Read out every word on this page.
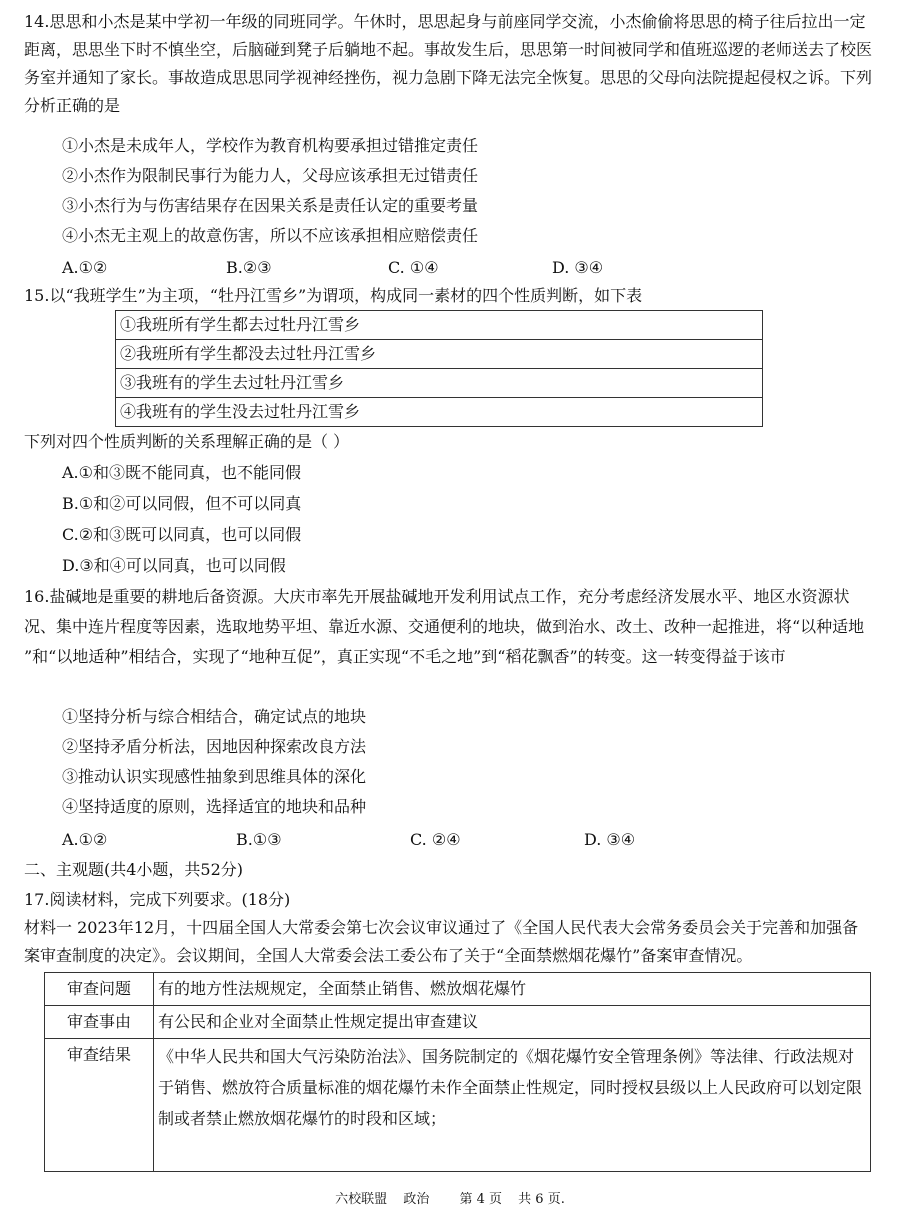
14.思思和小杰是某中学初一年级的同班同学。午休时，思思起身与前座同学交流，小杰偷偷将思思的椅子往后拉出一定距离，思思坐下时不慎坐空，后脑碰到凳子后躺地不起。事故发生后，思思第一时间被同学和值班巡逻的老师送去了校医务室并通知了家长。事故造成思思同学视神经挫伤，视力急剧下降无法完全恢复。思思的父母向法院提起侵权之诉。下列分析正确的是

①小杰是未成年人，学校作为教育机构要承担过错推定责任

②小杰作为限制民事行为能力人，父母应该承担无过错责任

③小杰行为与伤害结果存在因果关系是责任认定的重要考量

④小杰无主观上的故意伤害，所以不应该承担相应赔偿责任

A.①②	B.②③	C. ①④	D. ③④

15.以“我班学生”为主项，“牡丹江雪乡”为谓项，构成同一素材的四个性质判断，如下表

①我班所有学生都去过牡丹江雪乡
②我班所有学生都没去过牡丹江雪乡
③我班有的学生去过牡丹江雪乡
④我班有的学生没去过牡丹江雪乡

下列对四个性质判断的关系理解正确的是（ ）

A.①和③既不能同真，也不能同假

B.①和②可以同假，但不可以同真

C.②和③既可以同真，也可以同假

D.③和④可以同真，也可以同假

16.盐碱地是重要的耕地后备资源。大庆市率先开展盐碱地开发利用试点工作，充分考虑经济发展水平、地区水资源状况、集中连片程度等因素，选取地势平坦、靠近水源、交通便利的地块，做到治水、改土、改种一起推进，将“以种适地 ”和“以地适种”相结合，实现了“地种互促”，真正实现“不毛之地”到“稻花飘香”的转变。这一转变得益于该市

①坚持分析与综合相结合，确定试点的地块

②坚持矛盾分析法，因地因种探索改良方法

③推动认识实现感性抽象到思维具体的深化

④坚持适度的原则，选择适宜的地块和品种

A.①②	B.①③	C. ②④	D. ③④

二、主观题(共4小题，共52分)

17.阅读材料，完成下列要求。(18分)

材料一 2023年12月，十四届全国人大常委会第七次会议审议通过了《全国人民代表大会常务委员会关于完善和加强备案审查制度的决定》。会议期间，全国人大常委会法工委公布了关于“全面禁燃烟花爆竹”备案审查情况。

审查问题	有的地方性法规规定，全面禁止销售、燃放烟花爆竹
审查事由	有公民和企业对全面禁止性规定提出审查建议
审查结果	《中华人民共和国大气污染防治法》、国务院制定的《烟花爆竹安全管理条例》等法律、行政法规对于销售、燃放符合质量标准的烟花爆竹未作全面禁止性规定，同时授权县级以上人民政府可以划定限制或者禁止燃放烟花爆竹的时段和区域；
六校联盟 政治 第 4 页 共 6 页.
